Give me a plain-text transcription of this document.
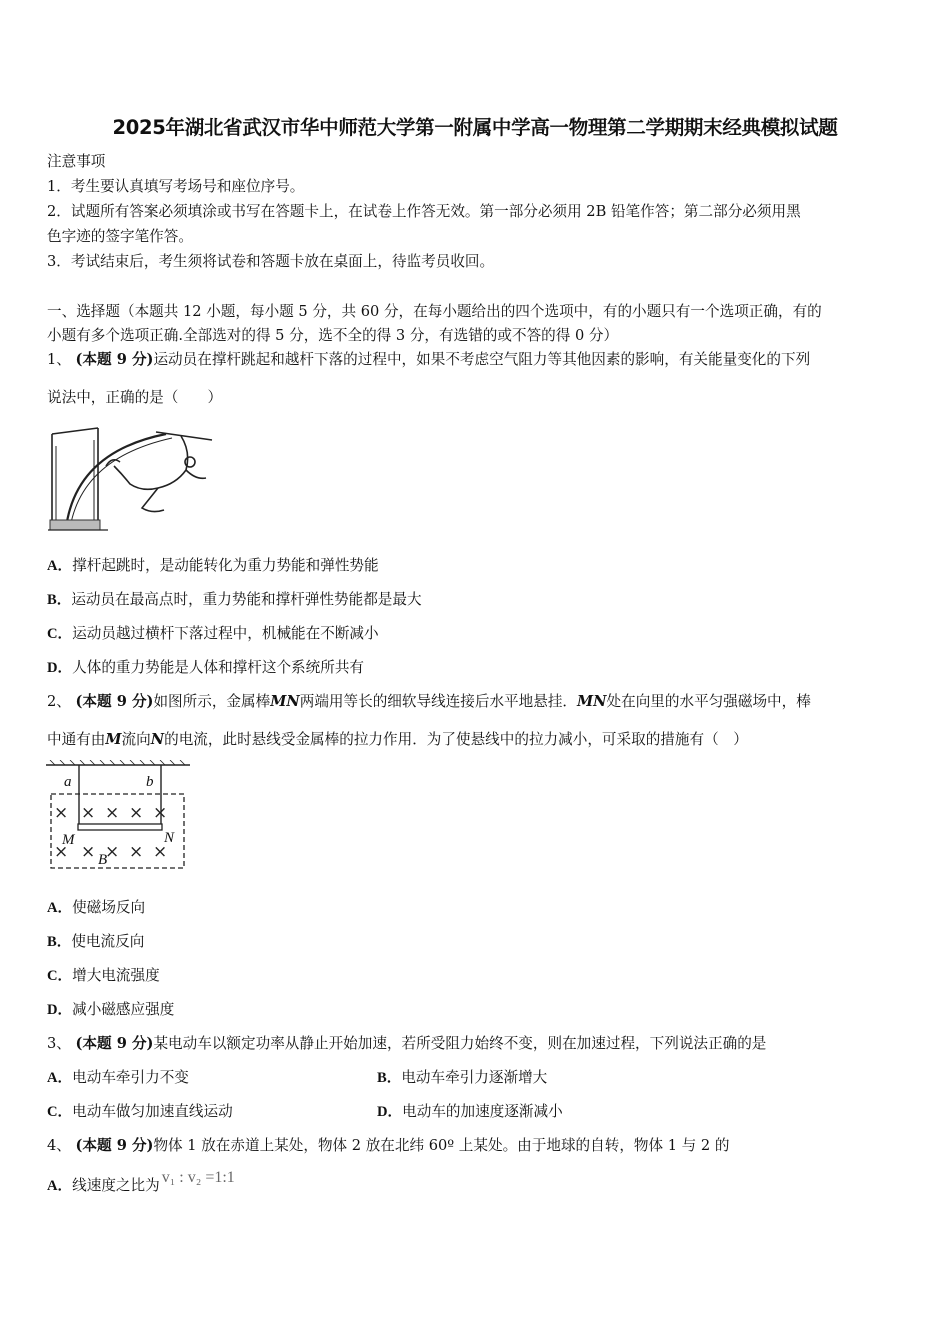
2025年湖北省武汉市华中师范大学第一附属中学高一物理第二学期期末经典模拟试题
注意事项
1．考生要认真填写考场号和座位序号。
2．试题所有答案必须填涂或书写在答题卡上，在试卷上作答无效。第一部分必须用 2B 铅笔作答；第二部分必须用黑
色字迹的签字笔作答。
3．考试结束后，考生须将试卷和答题卡放在桌面上，待监考员收回。
一、选择题（本题共 12 小题，每小题 5 分，共 60 分，在每小题给出的四个选项中，有的小题只有一个选项正确，有的
小题有多个选项正确.全部选对的得 5 分，选不全的得 3 分，有选错的或不答的得 0 分）
1、 (本题 9 分)运动员在撑杆跳起和越杆下落的过程中，如果不考虑空气阻力等其他因素的影响，有关能量变化的下列
说法中，正确的是（　　）
A．撑杆起跳时，是动能转化为重力势能和弹性势能
B．运动员在最高点时，重力势能和撑杆弹性势能都是最大
C．运动员越过横杆下落过程中，机械能在不断减小
D．人体的重力势能是人体和撑杆这个系统所共有
2、 (本题 9 分)如图所示，金属棒MN两端用等长的细软导线连接后水平地悬挂．MN处在向里的水平匀强磁场中，棒
中通有由M流向N的电流，此时悬线受金属棒的拉力作用．为了使悬线中的拉力减小，可采取的措施有（　）
a	b
M	N
B
× × × × ×
× × × × ×
A．使磁场反向
B．使电流反向
C．增大电流强度
D．减小磁感应强度
3、 (本题 9 分)某电动车以额定功率从静止开始加速，若所受阻力始终不变，则在加速过程，下列说法正确的是
A．电动车牵引力不变	B．电动车牵引力逐渐增大
C．电动车做匀加速直线运动	D．电动车的加速度逐渐减小
4、 (本题 9 分)物体 1 放在赤道上某处，物体 2 放在北纬 60º 上某处。由于地球的自转，物体 1 与 2 的
A．线速度之比为 v₁ : v₂ =1:1
